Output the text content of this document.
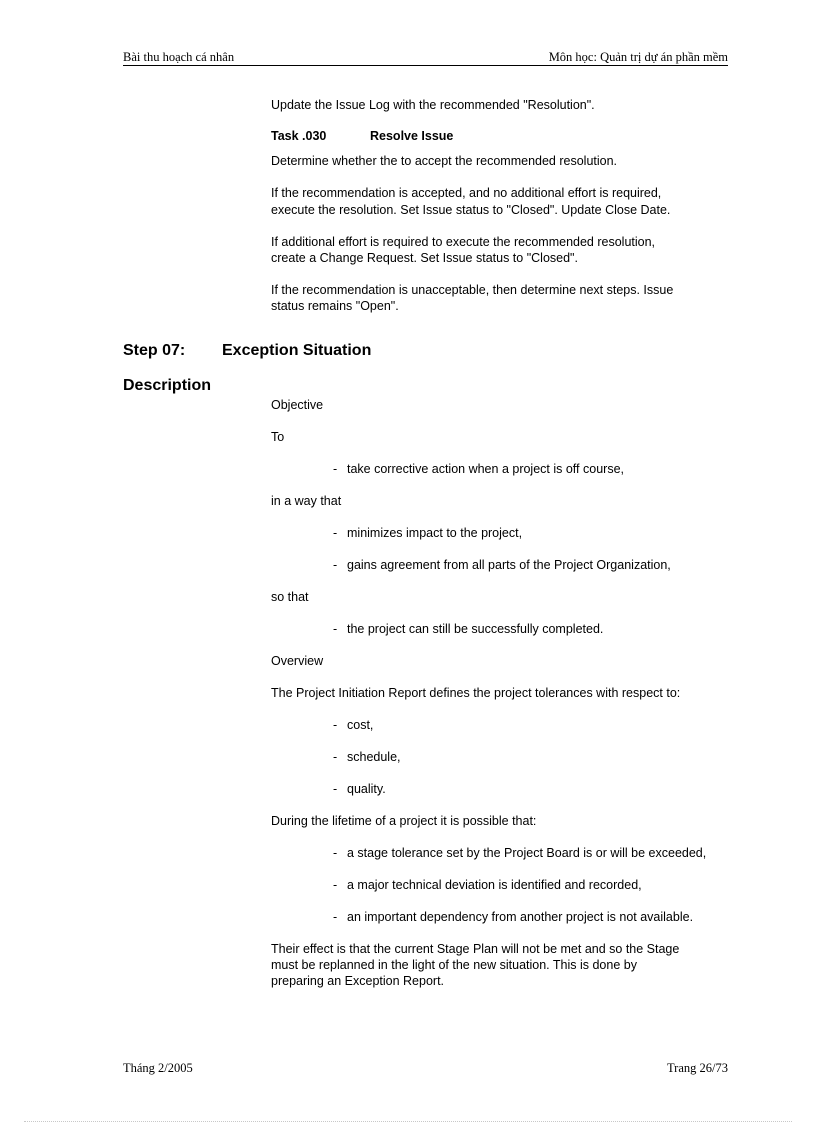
Bài thu hoạch cá nhân	Môn học: Quản trị dự án phần mềm
Update the Issue Log with the recommended "Resolution".
Task .030	Resolve Issue
Determine whether the to accept the recommended resolution.
If the recommendation is accepted, and no additional effort is required,
execute the resolution. Set Issue status to "Closed". Update Close Date.
If additional effort is required to execute the recommended resolution,
create a Change Request. Set Issue status to "Closed".
If the recommendation is unacceptable, then determine next steps. Issue
status remains "Open".
Step 07: Exception Situation
Description
Objective
To
- take corrective action when a project is off course,
in a way that
- minimizes impact to the project,
- gains agreement from all parts of the Project Organization,
so that
- the project can still be successfully completed.
Overview
The Project Initiation Report defines the project tolerances with respect to:
- cost,
- schedule,
- quality.
During the lifetime of a project it is possible that:
- a stage tolerance set by the Project Board is or will be exceeded,
- a major technical deviation is identified and recorded,
- an important dependency from another project is not available.
Their effect is that the current Stage Plan will not be met and so the Stage
must be replanned in the light of the new situation. This is done by
preparing an Exception Report.
Tháng 2/2005	Trang 26/73
